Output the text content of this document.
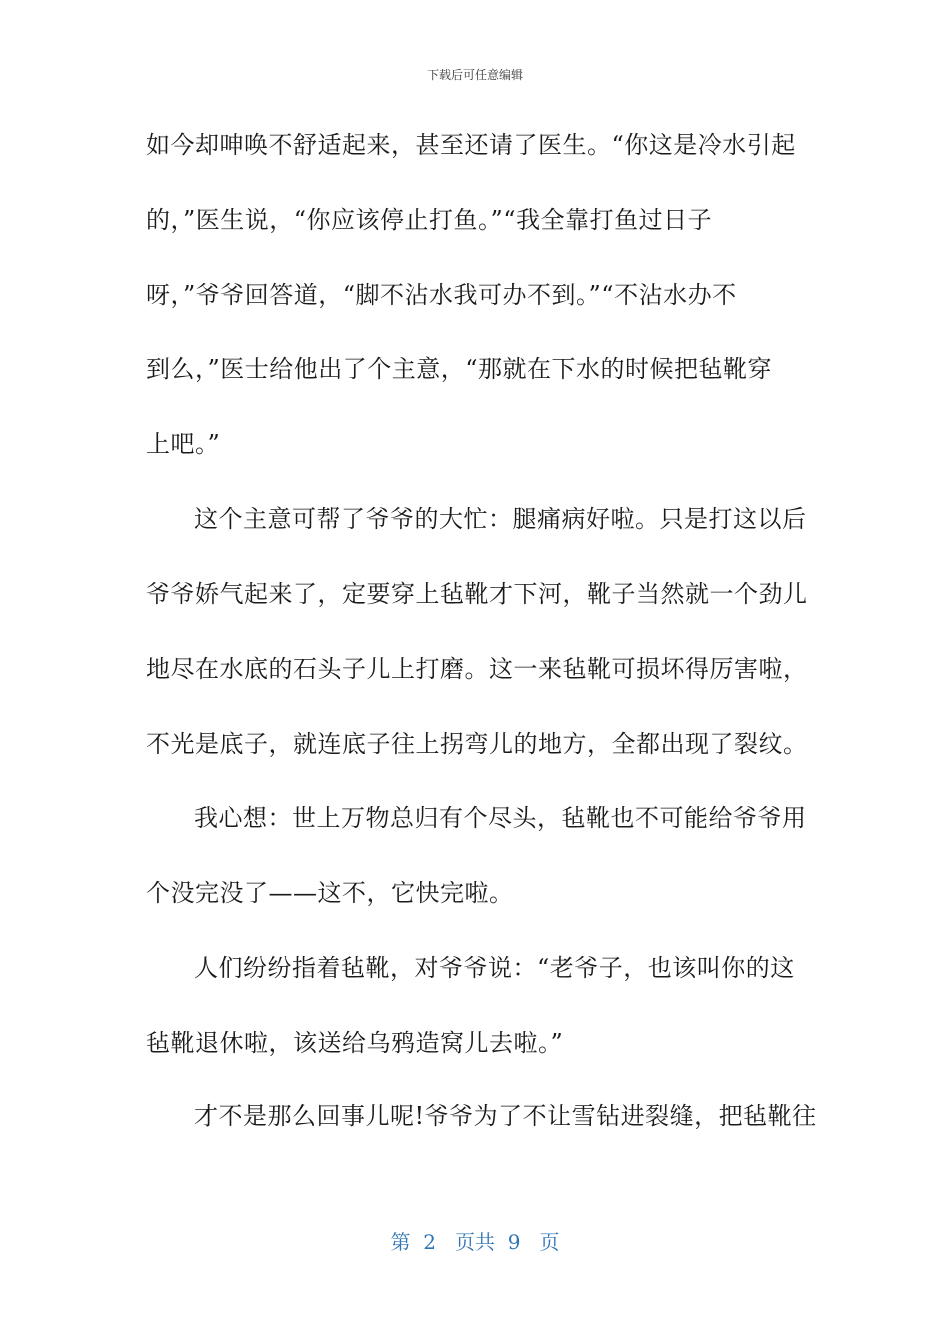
下载后可任意编辑
如今却呻唤不舒适起来，甚至还请了医生。“你这是冷水引起
的，”医生说，“你应该停止打鱼。”“我全靠打鱼过日子
呀，”爷爷回答道，“脚不沾水我可办不到。”“不沾水办不
到么，”医士给他出了个主意，“那就在下水的时候把毡靴穿
上吧。”
这个主意可帮了爷爷的大忙：腿痛病好啦。只是打这以后
爷爷娇气起来了，定要穿上毡靴才下河，靴子当然就一个劲儿
地尽在水底的石头子儿上打磨。这一来毡靴可损坏得厉害啦，
不光是底子，就连底子往上拐弯儿的地方，全都出现了裂纹。
我心想：世上万物总归有个尽头，毡靴也不可能给爷爷用
个没完没了——这不，它快完啦。
人们纷纷指着毡靴，对爷爷说：“老爷子，也该叫你的这
毡靴退休啦，该送给乌鸦造窝儿去啦。”
才不是那么回事儿呢!爷爷为了不让雪钻进裂缝，把毡靴往
第 2 页共 9 页
